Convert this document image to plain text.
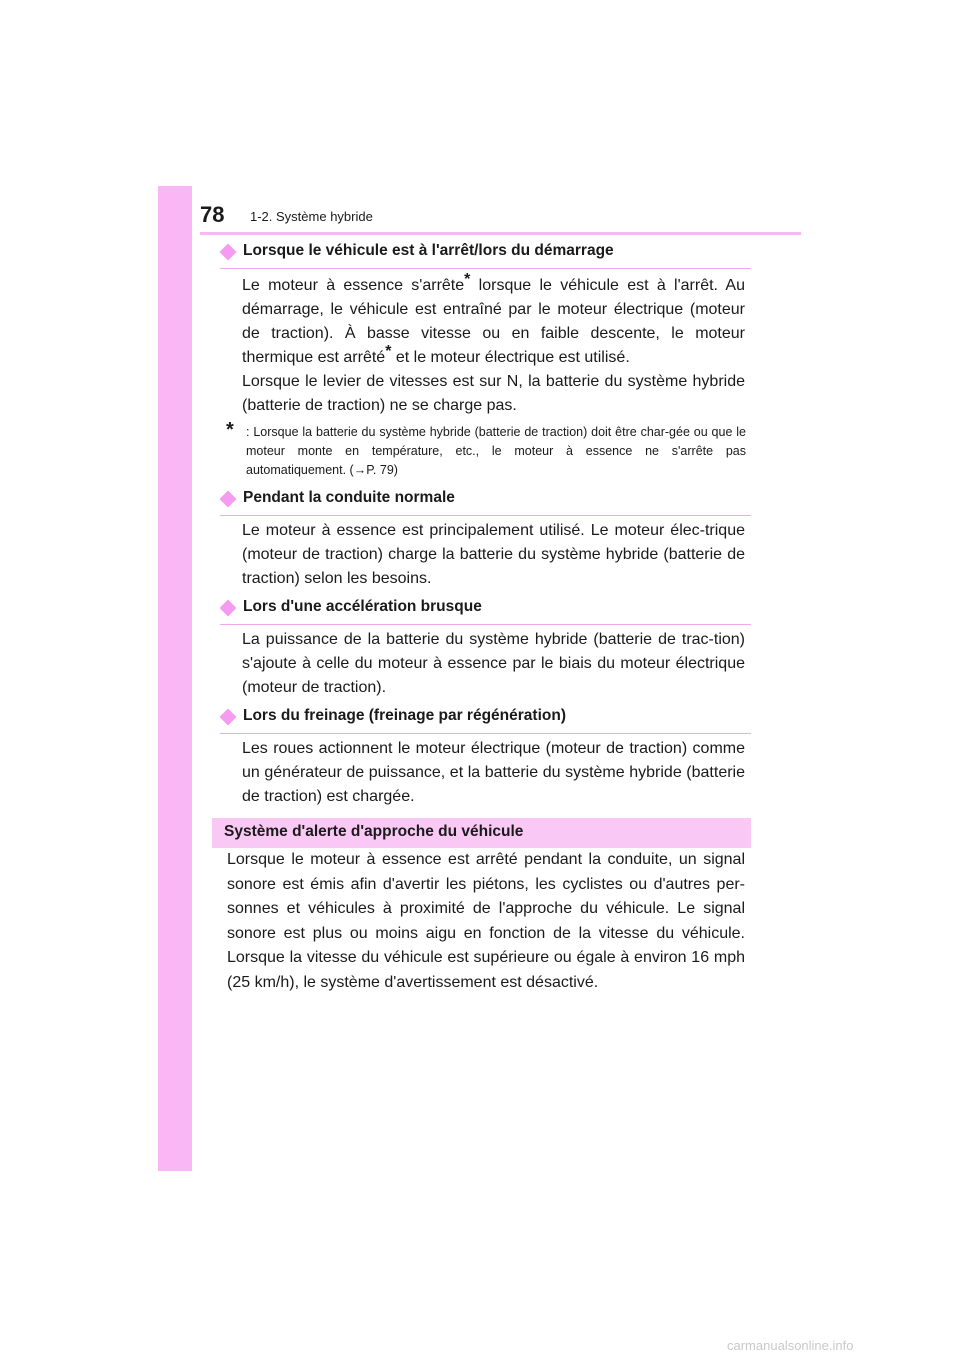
78 1-2. Système hybride
Lorsque le véhicule est à l'arrêt/lors du démarrage

Le moteur à essence s'arrête* lorsque le véhicule est à l'arrêt. Au démarrage, le véhicule est entraîné par le moteur électrique (moteur de traction). À basse vitesse ou en faible descente, le moteur thermique est arrêté* et le moteur électrique est utilisé.

Lorsque le levier de vitesses est sur N, la batterie du système hybride (batterie de traction) ne se charge pas.

* : Lorsque la batterie du système hybride (batterie de traction) doit être char-gée ou que le moteur monte en température, etc., le moteur à essence ne s'arrête pas automatiquement. (→P. 79)

Pendant la conduite normale

Le moteur à essence est principalement utilisé. Le moteur élec-trique (moteur de traction) charge la batterie du système hybride (batterie de traction) selon les besoins.

Lors d'une accélération brusque

La puissance de la batterie du système hybride (batterie de trac-tion) s'ajoute à celle du moteur à essence par le biais du moteur électrique (moteur de traction).

Lors du freinage (freinage par régénération)

Les roues actionnent le moteur électrique (moteur de traction) comme un générateur de puissance, et la batterie du système hybride (batterie de traction) est chargée.

Système d'alerte d'approche du véhicule

Lorsque le moteur à essence est arrêté pendant la conduite, un signal sonore est émis afin d'avertir les piétons, les cyclistes ou d'autres per-sonnes et véhicules à proximité de l'approche du véhicule. Le signal sonore est plus ou moins aigu en fonction de la vitesse du véhicule. Lorsque la vitesse du véhicule est supérieure ou égale à environ 16 mph (25 km/h), le système d'avertissement est désactivé.

carmanualsonline.info
